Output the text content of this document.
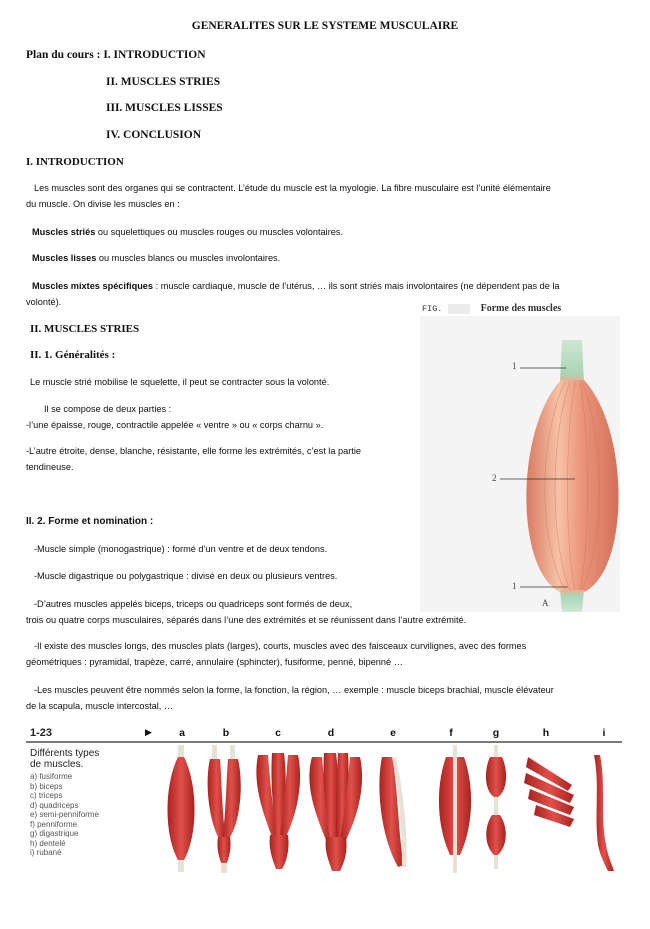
GENERALITES SUR LE SYSTEME MUSCULAIRE
Plan du cours : I. INTRODUCTION
II. MUSCLES STRIES
III. MUSCLES LISSES
IV. CONCLUSION
I. INTRODUCTION
Les muscles sont des organes qui se contractent. L’étude du muscle est la myologie. La fibre musculaire est l’unité élémentaire
du muscle. On divise les muscles en :
Muscles striés ou squelettiques ou muscles rouges ou muscles volontaires.
Muscles lisses ou muscles blancs ou muscles involontaires.
Muscles mixtes spécifiques : muscle cardiaque, muscle de l’utérus, … ils sont striés mais involontaires (ne dépendent pas de la
volonté).
II. MUSCLES STRIES
II. 1. Généralités :
Le muscle strié mobilise le squelette, il peut se contracter sous la volonté.
Il se compose de deux parties :
-l’une épaisse, rouge, contractile appelée « ventre » ou « corps charnu ».
-L’autre étroite, dense, blanche, résistante, elle forme les extrémités, c’est la partie
tendineuse.
II. 2. Forme et nomination :
-Muscle simple (monogastrique) : formé d’un ventre et de deux tendons.
-Muscle digastrique ou polygastrique : divisé en deux ou plusieurs ventres.
-D’autres muscles appelés biceps, triceps ou quadriceps sont formés de deux,
trois ou quatre corps musculaires, séparés dans l’une des extrémités et se réunissent dans l’autre extrémité.
-Il existe des muscles longs, des muscles plats (larges), courts, muscles avec des faisceaux curvilignes, avec des formes
géométriques : pyramidal, trapèze, carré, annulaire (sphincter), fusiforme, penné, bipenné …
-Les muscles peuvent être nommés selon la forme, la fonction, la région, … exemple : muscle biceps brachial, muscle élévateur
de la scapula, muscle intercostal, …
FIG.	Forme des muscles
1
2
1
A
1-23	▶	a	b	c	d	e	f	g	h	i
Différents types
de muscles.
a) fusiforme
b) biceps
c) triceps
d) quadriceps
e) semi-penniforme
f) penniforme
g) digastrique
h) dentelé
i) rubané
